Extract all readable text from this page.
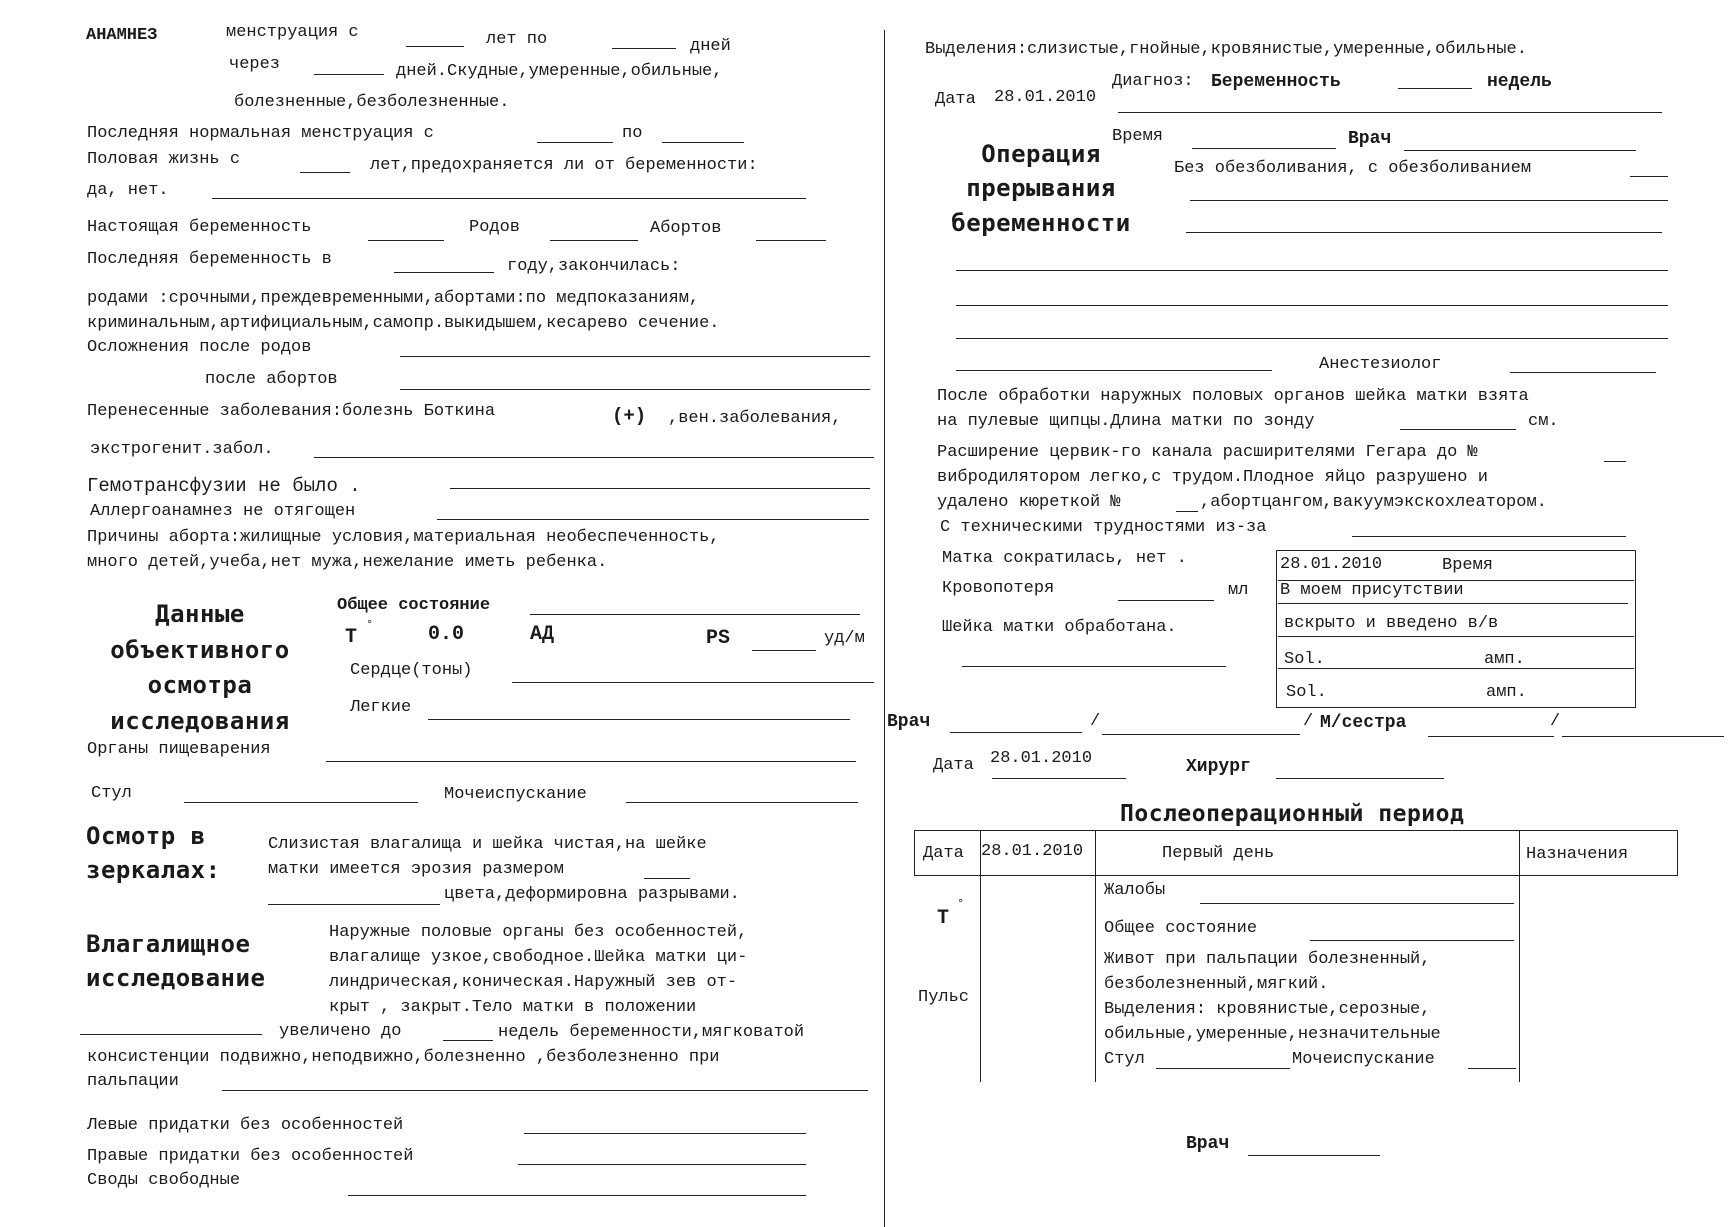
АНАМНЕЗ	менструация с	лет по	дней
через	дней.Скудные,умеренные,обильные,
болезненные,безболезненные.
Последняя нормальная менструация с	по
Половая жизнь с	лет,предохраняется ли от беременности:
да, нет.
Настоящая беременность	Родов	Абортов
Последняя беременность в	году,закончилась:
родами :срочными,преждевременными,абортами:по медпоказаниям,
криминальным,артифициальным,самопр.выкидышем,кесарево сечение.
Осложнения после родов
после абортов
Перенесенные заболевания:болезнь Боткина	(+) ,вен.заболевания,
экстрогенит.забол.
Гемотрансфузии не было .
Аллергоанамнез не отягощен
Причины аборта:жилищные условия,материальная необеспеченность,
много детей,учеба,нет мужа,нежелание иметь ребенка.
Данные
объективного
осмотра
исследования
Общее состояние
Т
°	0.0	АД	PS	уд/м
Сердце(тоны)
Легкие
Органы пищеварения
Стул	Мочеиспускание
Осмотр в
зеркалах:
Слизистая влагалища и шейка чистая,на шейке
матки имеется эрозия размером
цвета,деформировна разрывами.
Влагалищное
исследование
Наружные половые органы без особенностей,
влагалище узкое,свободное.Шейка матки ци-
линдрическая,коническая.Наружный зев от-
крыт , закрыт.Тело матки в положении
увеличено до	недель беременности,мягковатой
консистенции подвижно,неподвижно,болезненно ,безболезненно при
пальпации
Левые придатки без особенностей
Правые придатки без особенностей
Своды свободные
Выделения:слизистые,гнойные,кровянистые,умеренные,обильные.
Диагноз: Беременность	недель
Дата 28.01.2010
Операция
прерывания
беременности
Время	Врач
Без обезболивания, с обезболиванием
Анестезиолог
После обработки наружных половых органов шейка матки взята
на пулевые щипцы.Длина матки по зонду	см.
Расширение цервик-го канала расширителями Гегара до №
вибродилятором легко,с трудом.Плодное яйцо разрушено и
удалено кюреткой №	,абортцангом,вакуумэкскохлеатором.
С техническими трудностями из-за
Матка сократилась, нет .
Кровопотеря	мл
Шейка матки обработана.
28.01.2010	Время
В моем присутствии
вскрыто и введено в/в
Sol.	амп.
Sol.	амп.
Врач	/	/ М/сестра	/
Дата 28.01.2010	Хирург
Послеоперационный период
Дата 28.01.2010	Первый день	Назначения
Т
°
Пульс
Жалобы
Общее состояние
Живот при пальпации болезненный,
безболезненный,мягкий.
Выделения: кровянистые,серозные,
обильные,умеренные,незначительные
Стул	Мочеиспускание
Врач
